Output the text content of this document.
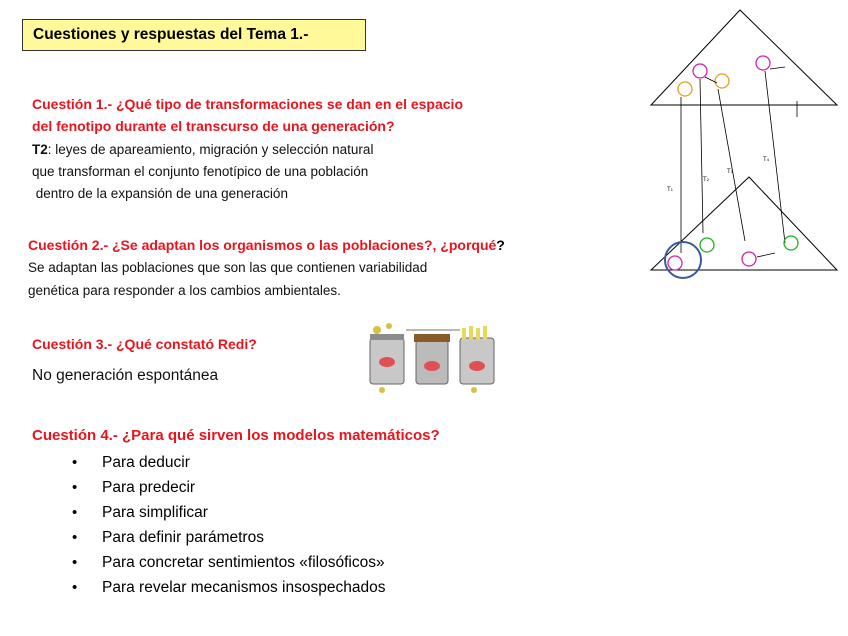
Cuestiones y respuestas del Tema 1.-
Cuestión 1.- ¿Qué tipo de transformaciones se dan en el espacio
del fenotipo durante el transcurso de una generación?
T2: leyes de apareamiento, migración y selección natural
que transforman el conjunto fenotípico de una población
dentro de la expansión de una generación
Cuestión 2.- ¿Se adaptan los organismos o las poblaciones?, ¿porqué?
Se adaptan las poblaciones que son las que contienen variabilidad
genética para responder a los cambios ambientales.
Cuestión 3.- ¿Qué constató Redi?
No generación espontánea
Cuestión 4.- ¿Para qué sirven los modelos matemáticos?
• Para deducir
• Para predecir
• Para simplificar
• Para definir parámetros
• Para concretar sentimientos «filosóficos»
• Para revelar mecanismos insospechados
T₁
T₂
T₃
T₄
